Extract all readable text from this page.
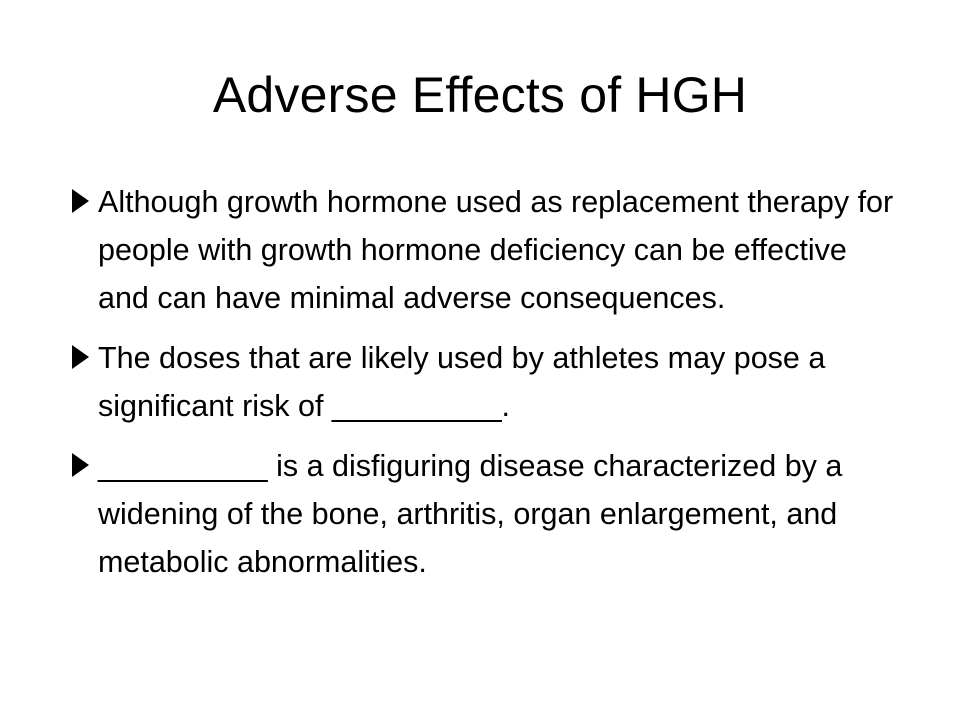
Adverse Effects of HGH
Although growth hormone used as replacement therapy for people with growth hormone deficiency can be effective and can have minimal adverse consequences.
The doses that are likely used by athletes may pose a significant risk of __________.
__________ is a disfiguring disease characterized by a widening of the bone, arthritis, organ enlargement, and metabolic abnormalities.
